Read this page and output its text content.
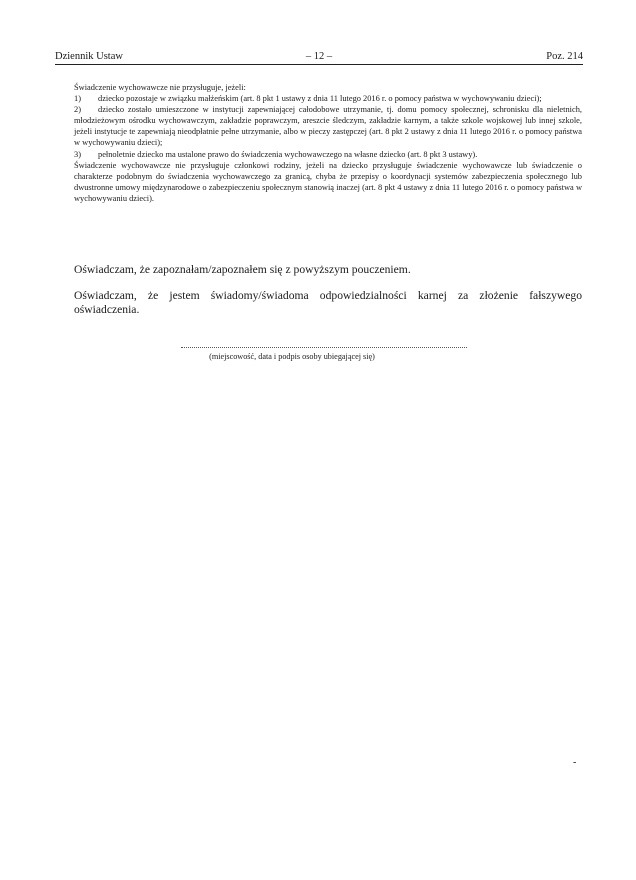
Dziennik Ustaw	– 12 –	Poz. 214

Świadczenie wychowawcze nie przysługuje, jeżeli:

1) dziecko pozostaje w związku małżeńskim (art. 8 pkt 1 ustawy z dnia 11 lutego 2016 r. o pomocy państwa w wychowywaniu dzieci);

2) dziecko zostało umieszczone w instytucji zapewniającej całodobowe utrzymanie, tj. domu pomocy społecznej, schronisku dla nieletnich, młodzieżowym ośrodku wychowawczym, zakładzie poprawczym, areszcie śledczym, zakładzie karnym, a także szkole wojskowej lub innej szkole, jeżeli instytucje te zapewniają nieodpłatnie pełne utrzymanie, albo w pieczy zastępczej (art. 8 pkt 2 ustawy z dnia 11 lutego 2016 r. o pomocy państwa w wychowywaniu dzieci);

3) pełnoletnie dziecko ma ustalone prawo do świadczenia wychowawczego na własne dziecko (art. 8 pkt 3 ustawy).

Świadczenie wychowawcze nie przysługuje członkowi rodziny, jeżeli na dziecko przysługuje świadczenie wychowawcze lub świadczenie o charakterze podobnym do świadczenia wychowawczego za granicą, chyba że przepisy o koordynacji systemów zabezpieczenia społecznego lub dwustronne umowy międzynarodowe o zabezpieczeniu społecznym stanowią inaczej (art. 8 pkt 4 ustawy z dnia 11 lutego 2016 r. o pomocy państwa w wychowywaniu dzieci).

Oświadczam, że zapoznałam/zapoznałem się z powyższym pouczeniem.
Oświadczam, że jestem świadomy/świadoma odpowiedzialności karnej za złożenie fałszywego oświadczenia.
(miejscowość, data i podpis osoby ubiegającej się)
-
